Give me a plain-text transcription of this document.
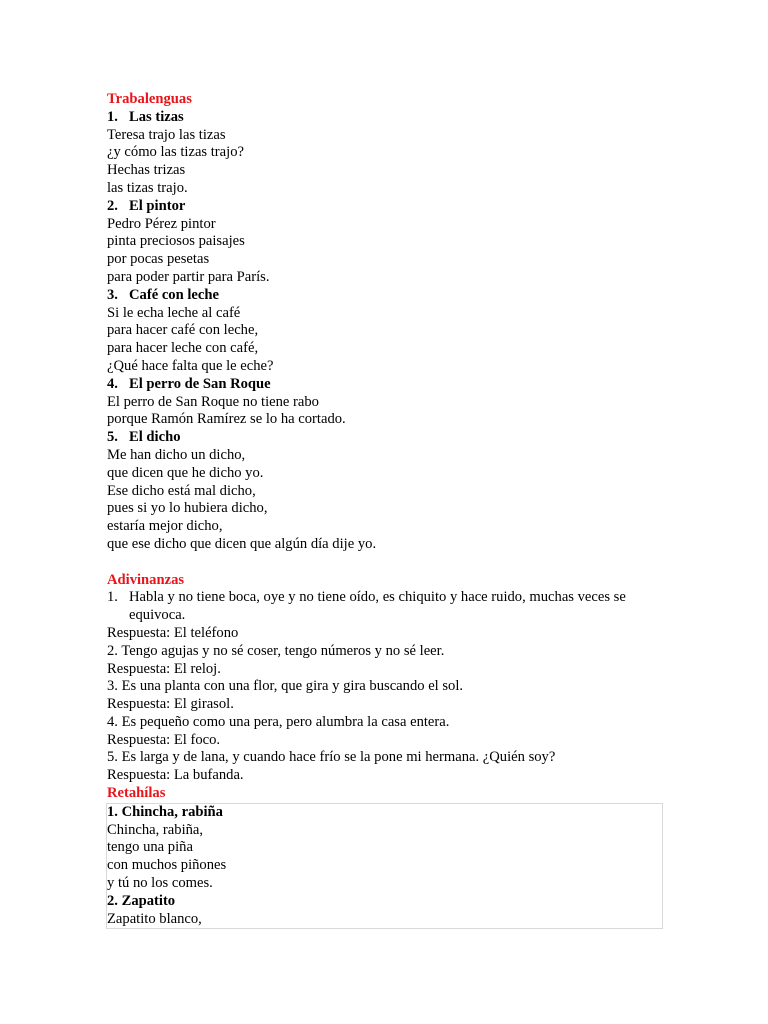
Trabalenguas
1. Las tizas
Teresa trajo las tizas
¿y cómo las tizas trajo?
Hechas trizas
las tizas trajo.
2. El pintor
Pedro Pérez pintor
pinta preciosos paisajes
por pocas pesetas
para poder partir para París.
3. Café con leche
Si le echa leche al café
para hacer café con leche,
para hacer leche con café,
¿Qué hace falta que le eche?
4. El perro de San Roque
El perro de San Roque no tiene rabo
porque Ramón Ramírez se lo ha cortado.
5. El dicho
Me han dicho un dicho,
que dicen que he dicho yo.
Ese dicho está mal dicho,
pues si yo lo hubiera dicho,
estaría mejor dicho,
que ese dicho que dicen que algún día dije yo.
Adivinanzas
1. Habla y no tiene boca, oye y no tiene oído, es chiquito y hace ruido, muchas veces se equivoca.
Respuesta: El teléfono
2. Tengo agujas y no sé coser, tengo números y no sé leer.
Respuesta: El reloj.
3. Es una planta con una flor, que gira y gira buscando el sol.
Respuesta: El girasol.
4. Es pequeño como una pera, pero alumbra la casa entera.
Respuesta: El foco.
5. Es larga y de lana, y cuando hace frío se la pone mi hermana. ¿Quién soy?
Respuesta: La bufanda.
Retahílas
1. Chincha, rabiña
Chincha, rabiña,
tengo una piña
con muchos piñones
y tú no los comes.
2. Zapatito
Zapatito blanco,
